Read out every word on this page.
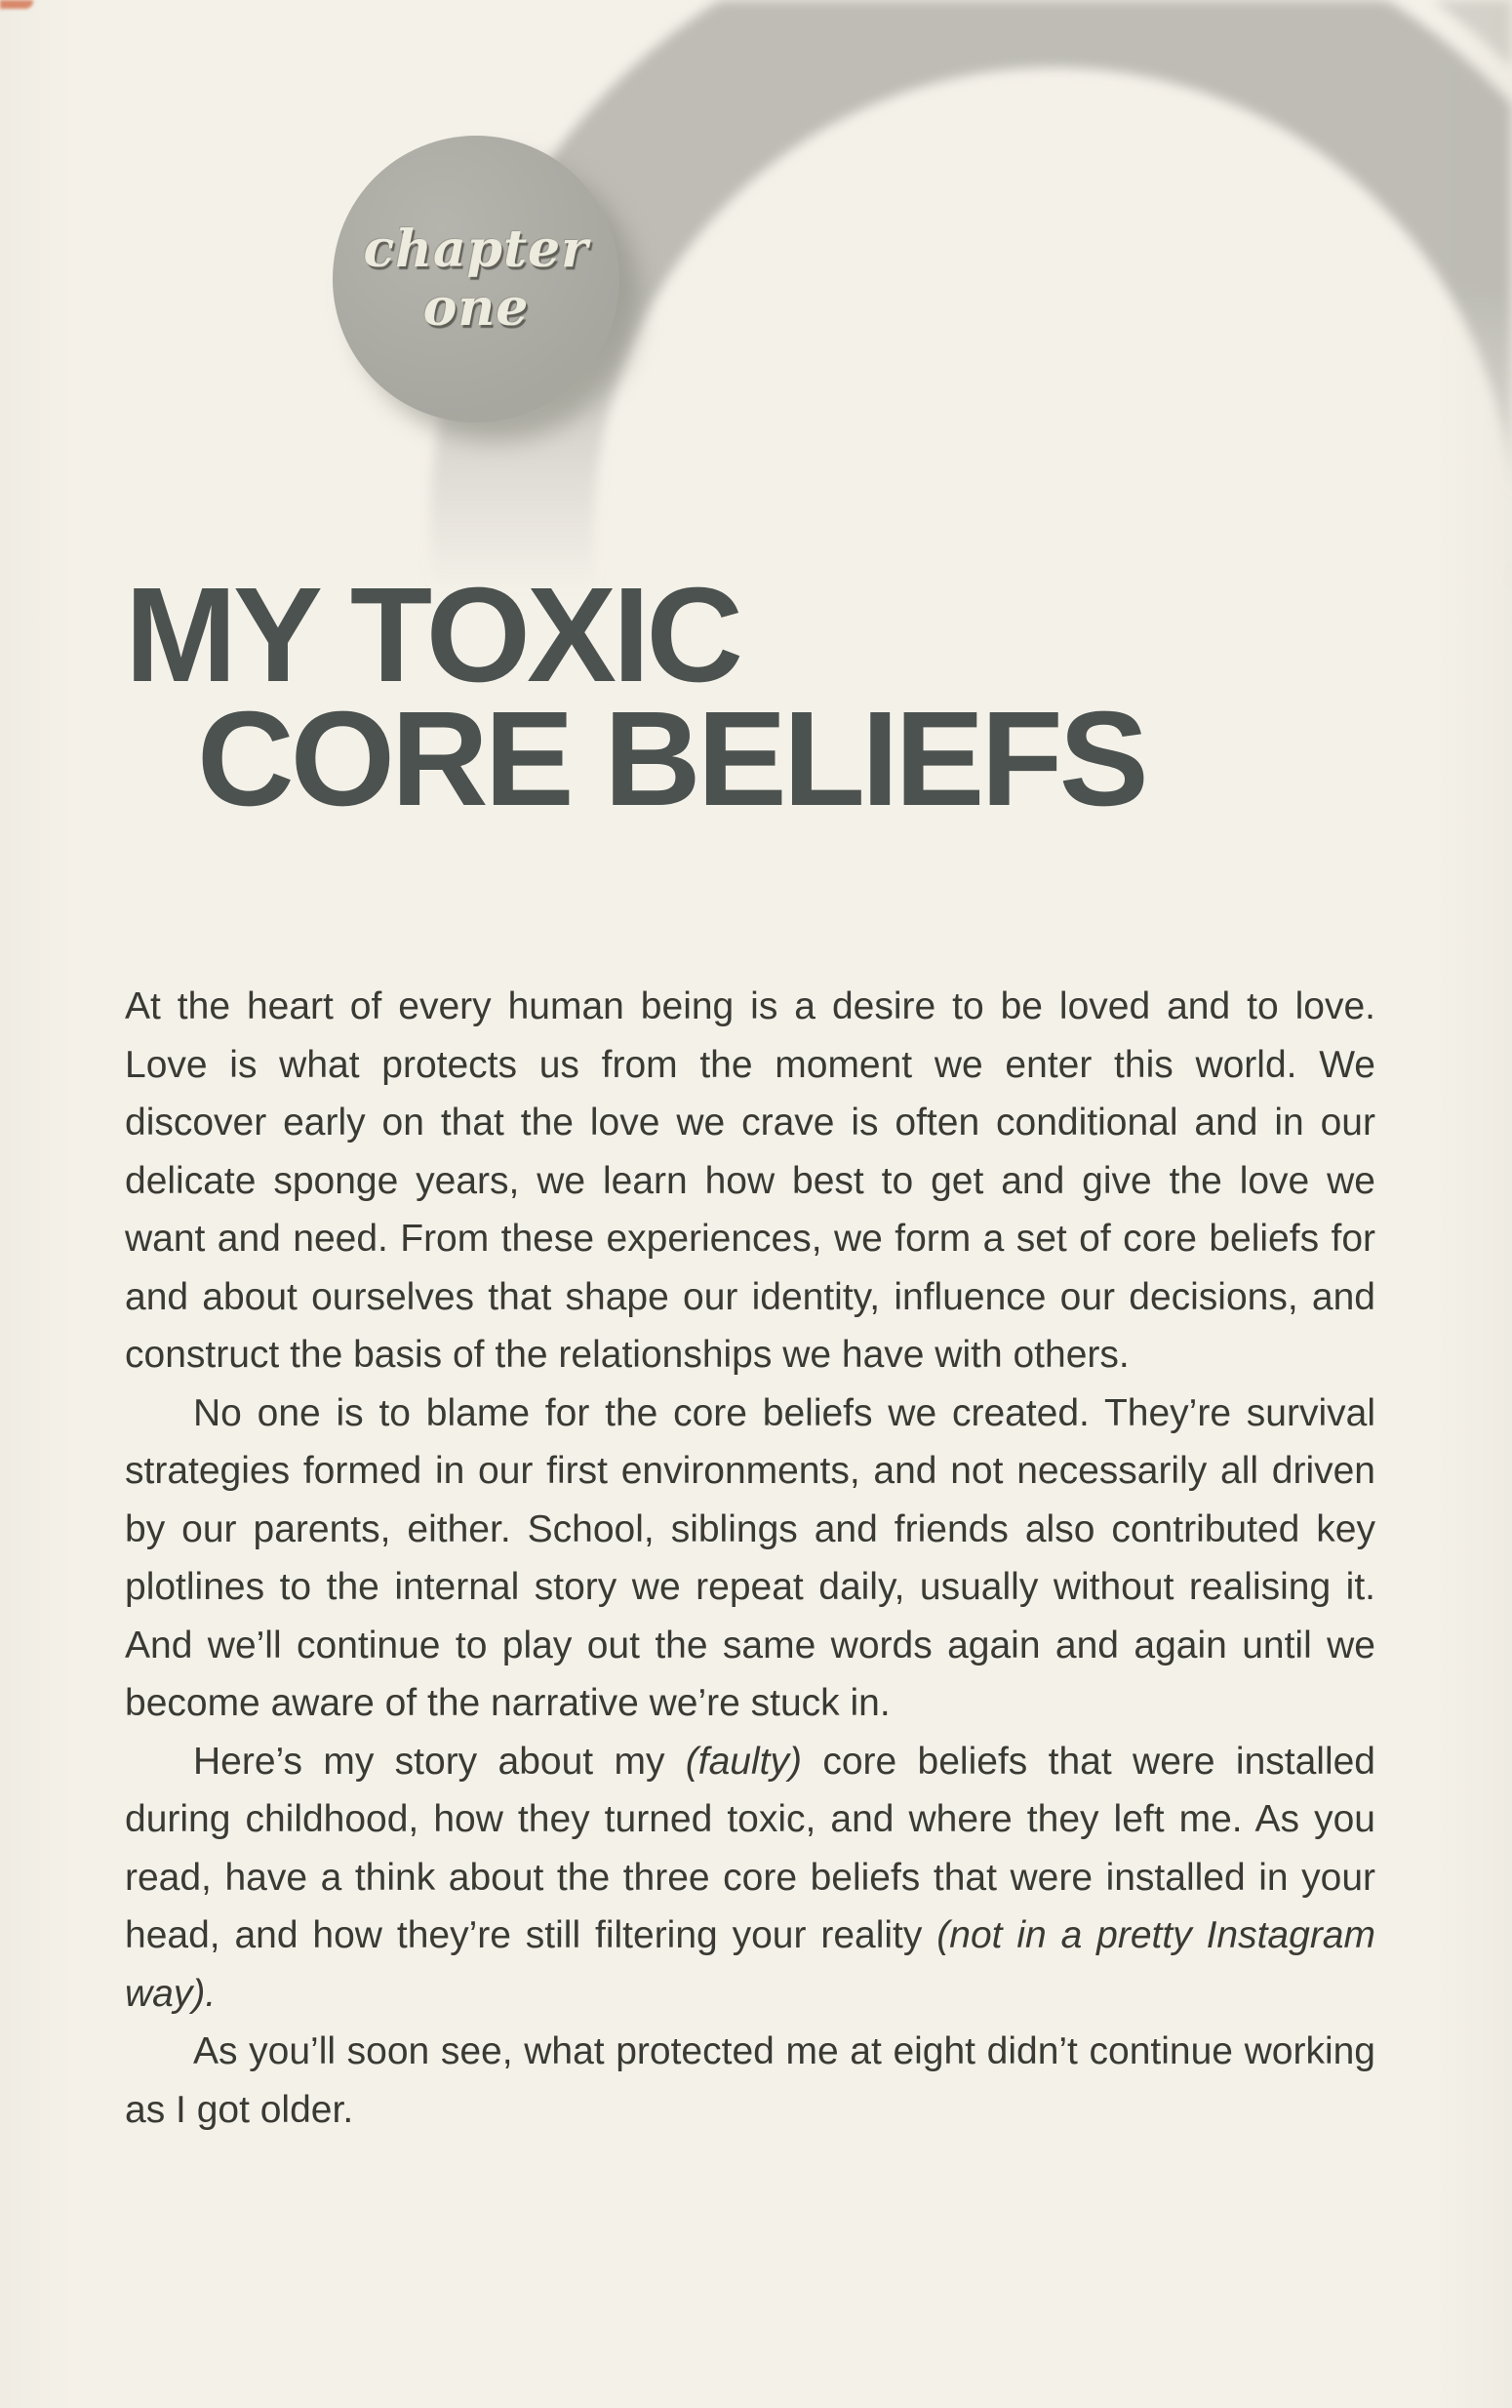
chapter
one
MY TOXIC
CORE BELIEFS

At the heart of every human being is a desire to be loved and to love. Love is what protects us from the moment we enter this world. We discover early on that the love we crave is often conditional and in our delicate sponge years, we learn how best to get and give the love we want and need. From these experiences, we form a set of core beliefs for and about ourselves that shape our identity, influence our decisions, and construct the basis of the relationships we have with others.

No one is to blame for the core beliefs we created. They’re survival strategies formed in our first environments, and not necessarily all driven by our parents, either. School, siblings and friends also contributed key plotlines to the internal story we repeat daily, usually without realising it. And we’ll continue to play out the same words again and again until we become aware of the narrative we’re stuck in.

Here’s my story about my (faulty) core beliefs that were installed during childhood, how they turned toxic, and where they left me. As you read, have a think about the three core beliefs that were installed in your head, and how they’re still filtering your reality (not in a pretty Instagram way).

As you’ll soon see, what protected me at eight didn’t continue working as I got older.
